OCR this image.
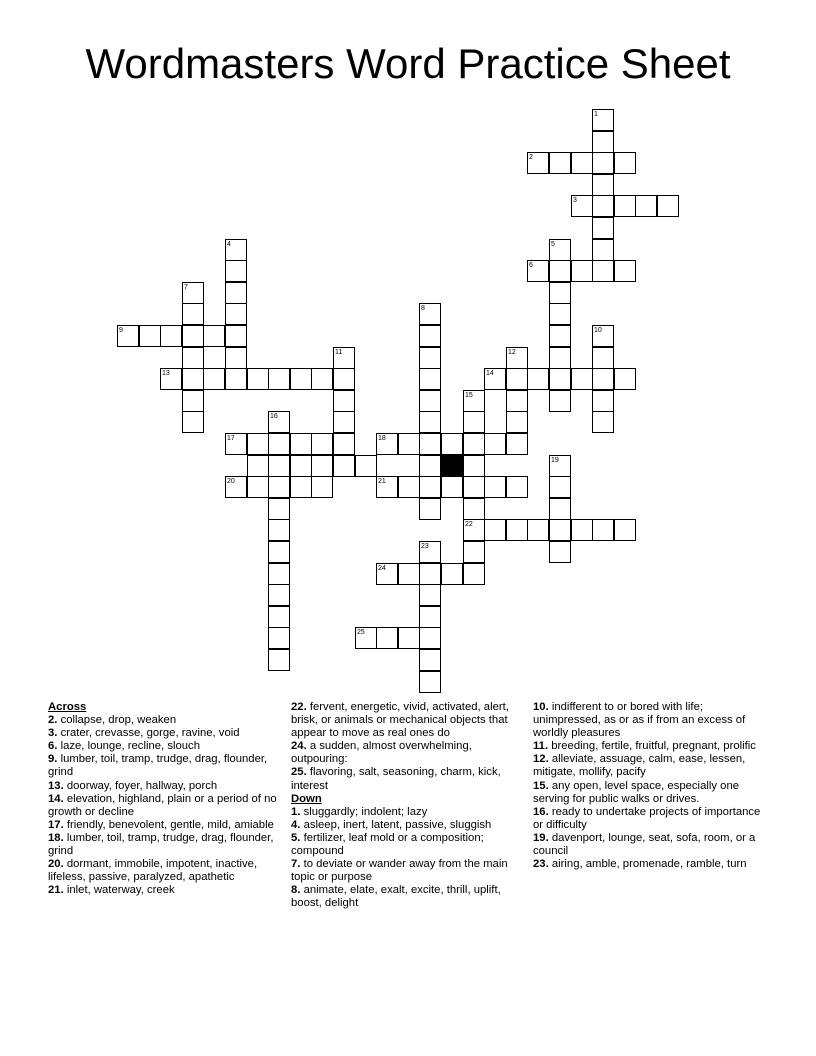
Wordmasters Word Practice Sheet
1
2
3
4	5
6
7
8
9	10
11	12
13	14
15
22
16
17	18
19
20	21
23
24
25
Across
2. collapse, drop, weaken
3. crater, crevasse, gorge, ravine, void
6. laze, lounge, recline, slouch
9. lumber, toil, tramp, trudge, drag, flounder, grind
13. doorway, foyer, hallway, porch
14. elevation, highland, plain or a period of no growth or decline
17. friendly, benevolent, gentle, mild, amiable
18. lumber, toil, tramp, trudge, drag, flounder, grind
20. dormant, immobile, impotent, inactive, lifeless, passive, paralyzed, apathetic
21. inlet, waterway, creek
22. fervent, energetic, vivid, activated, alert, brisk, or animals or mechanical objects that appear to move as real ones do
24. a sudden, almost overwhelming, outpouring:
25. flavoring, salt, seasoning, charm, kick, interest
Down
1. sluggardly; indolent; lazy
4. asleep, inert, latent, passive, sluggish
5. fertilizer, leaf mold or a composition; compound
7. to deviate or wander away from the main topic or purpose
8. animate, elate, exalt, excite, thrill, uplift, boost, delight
10. indifferent to or bored with life; unimpressed, as or as if from an excess of worldly pleasures
11. breeding, fertile, fruitful, pregnant, prolific
12. alleviate, assuage, calm, ease, lessen, mitigate, mollify, pacify
15. any open, level space, especially one serving for public walks or drives.
16. ready to undertake projects of importance or difficulty
19. davenport, lounge, seat, sofa, room, or a council
23. airing, amble, promenade, ramble, turn
